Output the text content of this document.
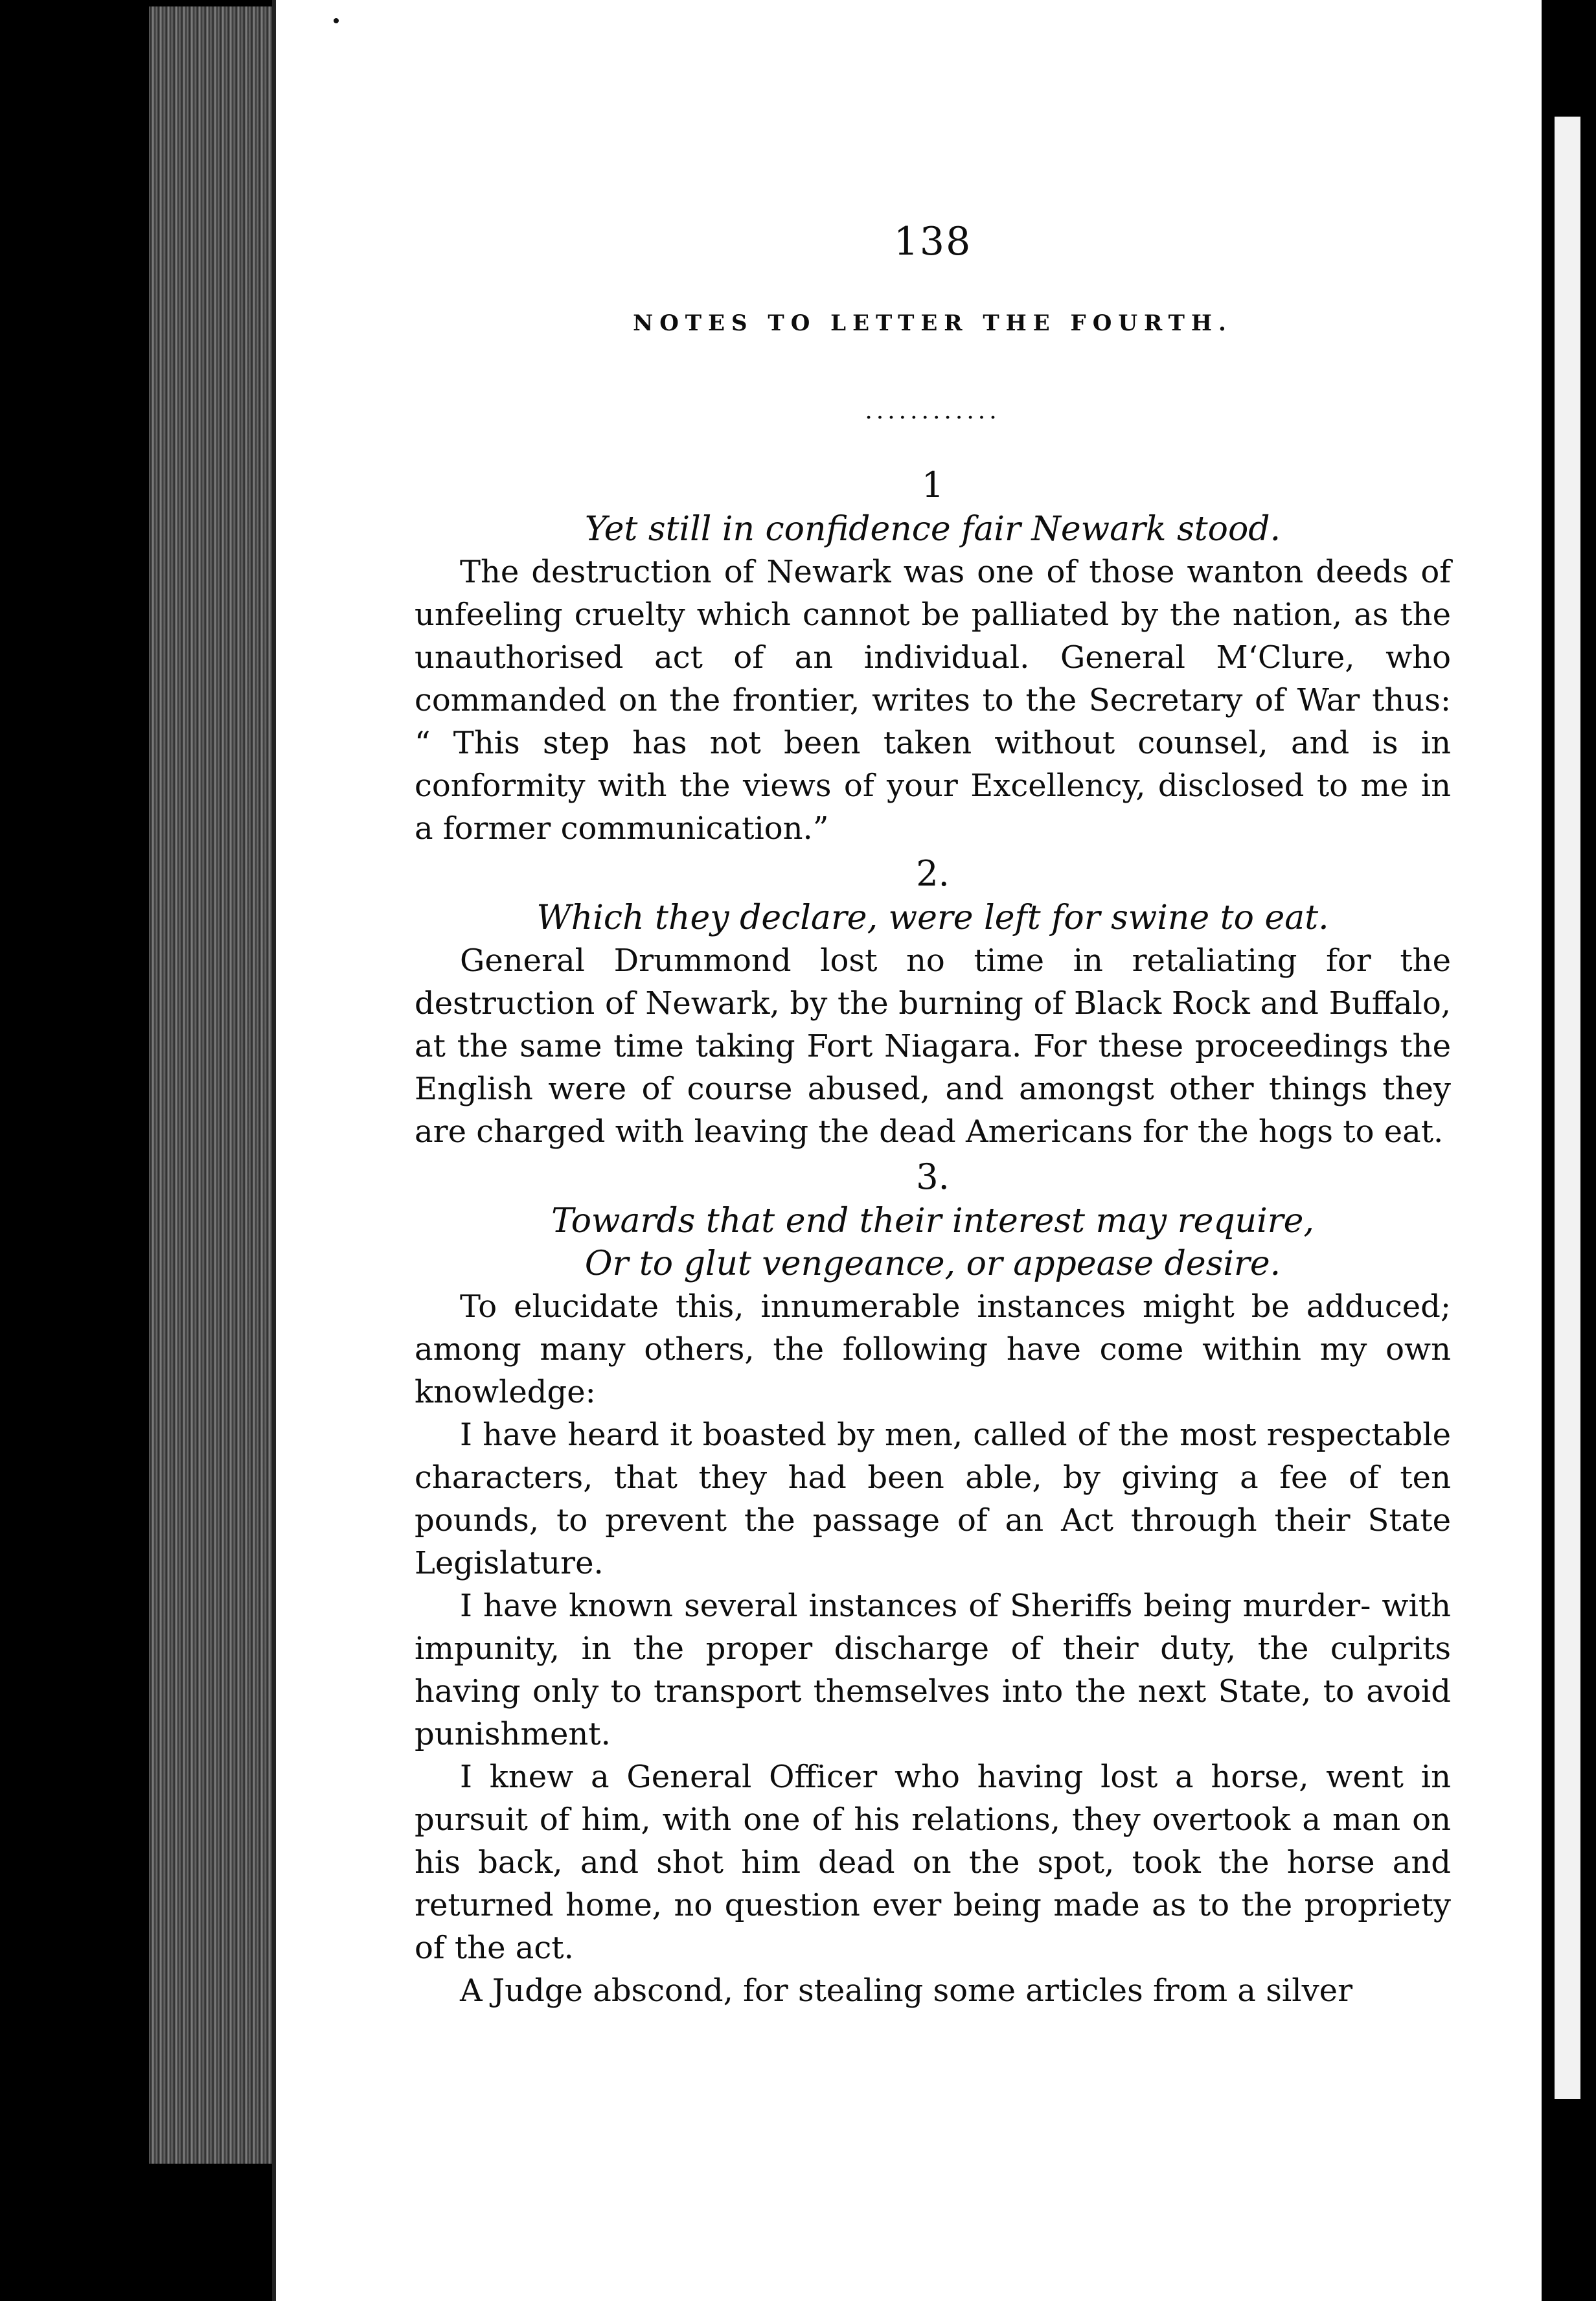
138
NOTES TO LETTER THE FOURTH.
............
1

Yet still in confidence fair Newark stood.

The destruction of Newark was one of those wanton deeds of unfeeling cruelty which cannot be palliated by the nation, as the unauthorised act of an individual. General M‘Clure, who commanded on the frontier, writes to the Secretary of War thus: “ This step has not been taken without counsel, and is in conformity with the views of your Excellency, disclosed to me in a former communication.”

2.

Which they declare, were left for swine to eat.

General Drummond lost no time in retaliating for the destruction of Newark, by the burning of Black Rock and Buffalo, at the same time taking Fort Niagara. For these proceedings the English were of course abused, and amongst other things they are charged with leaving the dead Americans for the hogs to eat.

3.

Towards that end their interest may require,

Or to glut vengeance, or appease desire.

To elucidate this, innumerable instances might be adduced; among many others, the following have come within my own knowledge:

I have heard it boasted by men, called of the most respectable characters, that they had been able, by giving a fee of ten pounds, to prevent the passage of an Act through their State Legislature.

I have known several instances of Sheriffs being murder- with impunity, in the proper discharge of their duty, the culprits having only to transport themselves into the next State, to avoid punishment.

I knew a General Officer who having lost a horse, went in pursuit of him, with one of his relations, they overtook a man on his back, and shot him dead on the spot, took the horse and returned home, no question ever being made as to the propriety of the act.

A Judge abscond, for stealing some articles from a silver
